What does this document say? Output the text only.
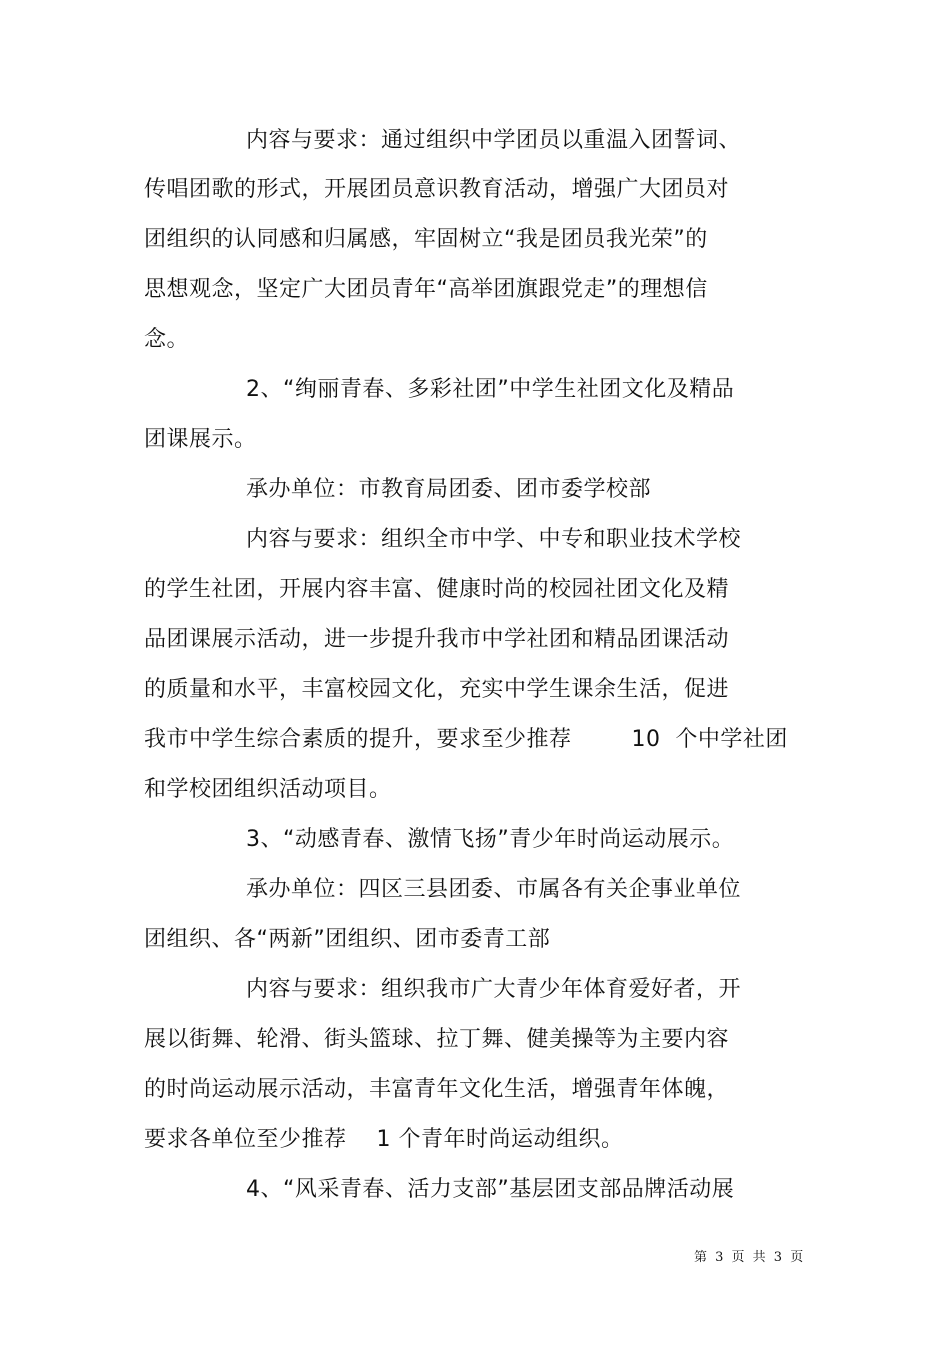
内容与要求：通过组织中学团员以重温入团誓词、
传唱团歌的形式，开展团员意识教育活动，增强广大团员对
团组织的认同感和归属感，牢固树立“我是团员我光荣”的
思想观念，坚定广大团员青年“高举团旗跟党走”的理想信
念。
2、“绚丽青春、多彩社团”中学生社团文化及精品
团课展示。
承办单位：市教育局团委、团市委学校部
内容与要求：组织全市中学、中专和职业技术学校
的学生社团，开展内容丰富、健康时尚的校园社团文化及精
品团课展示活动，进一步提升我市中学社团和精品团课活动
的质量和水平，丰富校园文化，充实中学生课余生活，促进
我市中学生综合素质的提升，要求至少推荐        10  个中学社团
和学校团组织活动项目。
3、“动感青春、激情飞扬”青少年时尚运动展示。
承办单位：四区三县团委、市属各有关企事业单位
团组织、各“两新”团组织、团市委青工部
内容与要求：组织我市广大青少年体育爱好者，开
展以街舞、轮滑、街头篮球、拉丁舞、健美操等为主要内容
的时尚运动展示活动，丰富青年文化生活，增强青年体魄，
要求各单位至少推荐    1 个青年时尚运动组织。
4、“风采青春、活力支部”基层团支部品牌活动展
第 3 页 共 3 页
